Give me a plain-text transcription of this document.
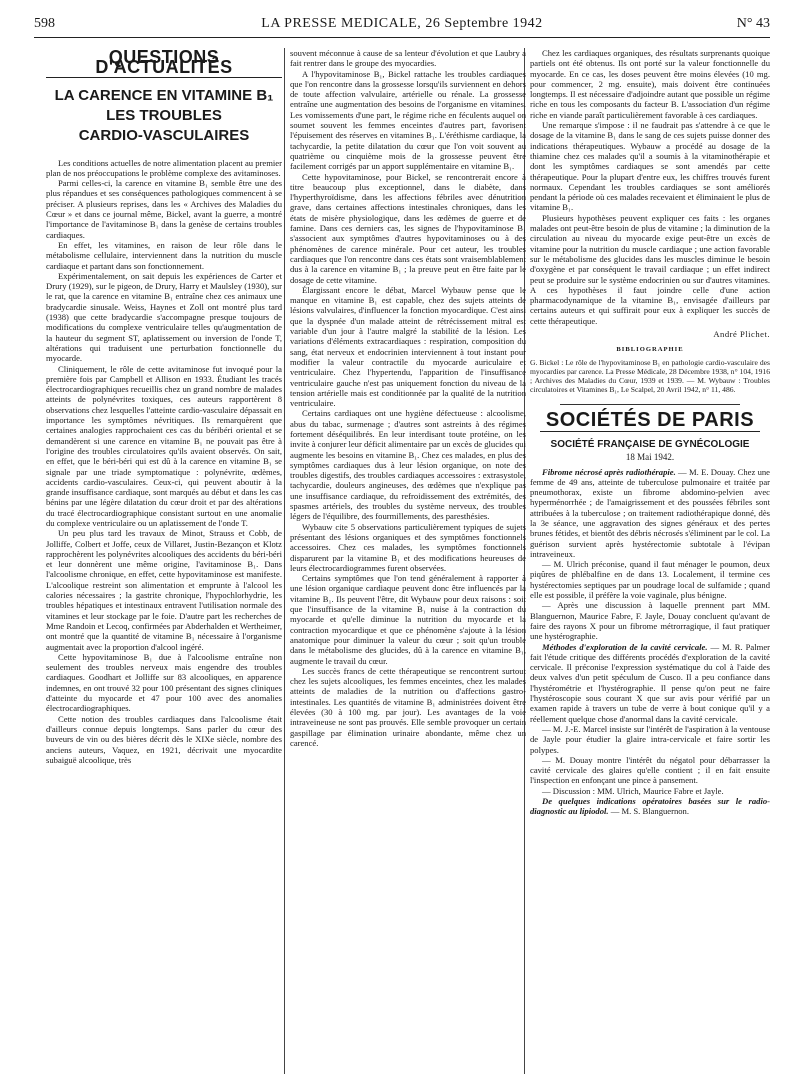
598	LA PRESSE MEDICALE, 26 Septembre 1942	N° 43
QUESTIONS D'ACTUALITÉS
LA CARENCE EN VITAMINE B₁
LES TROUBLES
CARDIO-VASCULAIRES

Les conditions actuelles de notre alimentation placent au premier plan de nos préoccupations le problème complexe des avitaminoses.

Parmi celles-ci, la carence en vitamine B₁ semble être une des plus répandues et ses conséquences pathologiques commencent à se préciser. A plusieurs reprises, dans les « Archives des Maladies du Cœur » et dans ce journal même, Bickel, avant la guerre, a montré l'importance de l'avitaminose B₁ dans la genèse de certains troubles cardiaques.

En effet, les vitamines, en raison de leur rôle dans le métabolisme cellulaire, interviennent dans la nutrition du muscle cardiaque et partant dans son fonctionnement.

Expérimentalement, on sait depuis les expériences de Carter et Drury (1929), sur le pigeon, de Drury, Harry et Maulsley (1930), sur le rat, que la carence en vitamine B₁ entraîne chez ces animaux une bradycardie sinusale. Weiss, Haynes et Zoll ont montré plus tard (1938) que cette bradycardie s'accompagne presque toujours de modifications du complexe ventriculaire telles qu'augmentation de la hauteur du segment ST, aplatissement ou inversion de l'onde T, altérations qui traduisent une perturbation fonctionnelle du myocarde.

Cliniquement, le rôle de cette avitaminose fut invoqué pour la première fois par Campbell et Allison en 1933. Étudiant les tracés électrocardiographiques recueillis chez un grand nombre de malades atteints de polynévrites toxiques, ces auteurs rapportèrent 8 observations chez lesquelles l'atteinte cardio-vasculaire dépassait en importance les symptômes névritiques. Ils remarquèrent que certaines analogies rapprochaient ces cas du béribéri oriental et se demandèrent si une carence en vitamine B₁ ne pouvait pas être à l'origine des troubles circulatoires qu'ils avaient observés. On sait, en effet, que le béri-béri qui est dû à la carence en vitamine B₁ se signale par une triade symptomatique : polynévrite, œdèmes, accidents cardio-vasculaires. Ceux-ci, qui peuvent aboutir à la grande insuffisance cardiaque, sont marqués au début et dans les cas bénins par une légère dilatation du cœur droit et par des altérations du tracé électrocardiographique consistant surtout en une anomalie du complexe ventriculaire ou un aplatissement de l'onde T.

Un peu plus tard les travaux de Minot, Strauss et Cobb, de Jolliffe, Colbert et Joffe, ceux de Villaret, Justin-Bezançon et Klotz rapprochèrent les polynévrites alcooliques des accidents du béri-béri et leur donnèrent une même origine, l'avitaminose B₁. Dans l'alcoolisme chronique, en effet, cette hypovitaminose est manifeste. L'alcoolique restreint son alimentation et emprunte à l'alcool les calories nécessaires ; la gastrite chronique, l'hypochlorhydrie, les troubles hépatiques et intestinaux entravent l'utilisation normale des vitamines et leur stockage par le foie. D'autre part les recherches de Mme Randoin et Lecoq, confirmées par Abderhalden et Wertheimer, ont montré que la quantité de vitamine B₁ nécessaire à l'organisme augmentait avec la proportion d'alcool ingéré.

Cette hypovitaminose B₁ due à l'alcoolisme entraîne non seulement des troubles nerveux mais engendre des troubles cardiaques. Goodhart et Jolliffe sur 83 alcooliques, en apparence indemnes, en ont trouvé 32 pour 100 présentant des signes cliniques d'atteinte du myocarde et 47 pour 100 avec des anomalies électrocardiographiques.

Cette notion des troubles cardiaques dans l'alcoolisme était d'ailleurs connue depuis longtemps. Sans parler du cœur des buveurs de vin ou des bières décrit dès le XIXe siècle, nombre des anciens auteurs, Vaquez, en 1921, décrivait une myocardite subaiguë alcoolique, très

souvent méconnue à cause de sa lenteur d'évolution et que Laubry a fait rentrer dans le groupe des myocardies.

A l'hypovitaminose B₁, Bickel rattache les troubles cardiaques que l'on rencontre dans la grossesse lorsqu'ils surviennent en dehors de toute affection valvulaire, artérielle ou rénale. La grossesse entraîne une augmentation des besoins de l'organisme en vitamines. Les vomissements d'une part, le régime riche en féculents auquel on soumet souvent les femmes enceintes d'autres part, favorisent l'épuisement des réserves en vitamines B₁. L'éréthisme cardiaque, la tachycardie, la petite dilatation du cœur que l'on voit souvent au quatrième ou cinquième mois de la grossesse peuvent être facilement corrigés par un apport supplémentaire en vitamine B₁.

Cette hypovitaminose, pour Bickel, se rencontrerait encore à titre beaucoup plus exceptionnel, dans le diabète, dans l'hyperthyroïdisme, dans les affections fébriles avec dénutrition grave, dans certaines affections intestinales chroniques, dans les états de misère physiologique, dans les œdèmes de guerre et de famine. Dans ces derniers cas, les signes de l'hypovitaminose B₁ s'associent aux symptômes d'autres hypovitaminoses ou à des phénomènes de carence minérale. Pour cet auteur, les troubles cardiaques que l'on rencontre dans ces états sont vraisemblablement dus à la carence en vitamine B₁ ; la preuve peut en être faite par le dosage de cette vitamine.

Élargissant encore le débat, Marcel Wybauw pense que le manque en vitamine B₁ est capable, chez des sujets atteints de lésions valvulaires, d'influencer la fonction myocardique. C'est ainsi que la dyspnée d'un malade atteint de rétrécissement mitral est variable d'un jour à l'autre malgré la stabilité de la lésion. Les variations d'éléments extracardiaques : respiration, composition du sang, état nerveux et endocrinien interviennent à tout instant pour modifier la valeur contractile du myocarde auriculaire et ventriculaire. Chez l'hypertendu, l'apparition de l'insuffisance ventriculaire gauche n'est pas uniquement fonction du niveau de la tension artérielle mais est conditionnée par la qualité de la nutrition ventriculaire.

Certains cardiaques ont une hygiène défectueuse : alcoolisme, abus du tabac, surmenage ; d'autres sont astreints à des régimes fortement déséquilibrés. En leur interdisant toute protéine, on les invite à conjurer leur déficit alimentaire par un excès de glucides qui augmente les besoins en vitamine B₁. Chez ces malades, en plus des symptômes cardiaques dus à leur lésion organique, on note des troubles digestifs, des troubles cardiaques accessoires : extrasystole, tachycardie, douleurs angineuses, des œdèmes que n'explique pas une insuffisance cardiaque, du refroidissement des extrémités, des spasmes artériels, des troubles du système nerveux, des troubles légers de l'équilibre, des fourmillements, des paresthésies.

Wybauw cite 5 observations particulièrement typiques de sujets présentant des lésions organiques et des symptômes fonctionnels accessoires. Chez ces malades, les symptômes fonctionnels disparurent par la vitamine B₁ et des modifications heureuses de leurs électrocardiogrammes furent observées.

Certains symptômes que l'on tend généralement à rapporter à une lésion organique cardiaque peuvent donc être influencés par la vitamine B₁. Ils peuvent l'être, dit Wybauw pour deux raisons : soit que l'insuffisance de la vitamine B₁ nuise à la contraction du myocarde et qu'elle diminue la nutrition du myocarde et la contraction myocardique et que ce phénomène s'ajoute à la lésion anatomique pour diminuer la valeur du cœur ; soit qu'un trouble dans le métabolisme des glucides, dû à la carence en vitamine B₁, augmente le travail du cœur.

Les succès francs de cette thérapeutique se rencontrent surtout chez les sujets alcooliques, les femmes enceintes, chez les malades atteints de maladies de la nutrition ou d'affections gastro-intestinales. Les quantités de vitamine B₁ administrées doivent être élevées (30 à 100 mg. par jour). Les avantages de la voie intraveineuse ne sont pas prouvés. Elle semble provoquer un certain gaspillage par élimination urinaire abondante, même chez un carencé.

Chez les cardiaques organiques, des résultats surprenants quoique partiels ont été obtenus. Ils ont porté sur la valeur fonctionnelle du myocarde. En ce cas, les doses peuvent être moins élevées (10 mg. pour commencer, 2 mg. ensuite), mais doivent être continuées longtemps. Il est nécessaire d'adjoindre autant que possible un régime riche en tous les composants du facteur B. L'association d'un régime riche en viande paraît particulièrement favorable à ces cardiaques.

Une remarque s'impose : il ne faudrait pas s'attendre à ce que le dosage de la vitamine B₁ dans le sang de ces sujets puisse donner des indications thérapeutiques. Wybauw a procédé au dosage de la thiamine chez ces malades qu'il a soumis à la vitaminothérapie et dont les symptômes cardiaques se sont amendés par cette thérapeutique. Pour la plupart d'entre eux, les chiffres trouvés furent normaux. Cependant les troubles cardiaques se sont améliorés pendant la période où ces malades recevaient et éliminaient le plus de vitamine B₁.

Plusieurs hypothèses peuvent expliquer ces faits : les organes malades ont peut-être besoin de plus de vitamine ; la diminution de la circulation au niveau du myocarde exige peut-être un excès de vitamine pour la nutrition du muscle cardiaque ; une action favorable sur le métabolisme des glucides dans les muscles diminue le besoin d'oxygène et par conséquent le travail cardiaque ; un effet indirect peut se produire sur le système endocrinien ou sur d'autres vitamines. A ces hypothèses il faut joindre celle d'une action pharmacodynamique de la vitamine B₁, envisagée d'ailleurs par certains auteurs et qui suffirait pour eux à expliquer les succès de cette thérapeutique.

André Plichet.
BIBLIOGRAPHIE

G. Bickel : Le rôle de l'hypovitaminose B₁ en pathologie cardio-vasculaire des myocardies par carence. La Presse Médicale, 28 Décembre 1938, n° 104, 1916 ; Archives des Maladies du Cœur, 1939 et 1939. — M. Wybauw : Troubles circulatoires et Vitamines B₁, Le Scalpel, 20 Avril 1942, n° 11, 486.

SOCIÉTÉS DE PARIS
SOCIÉTÉ FRANÇAISE DE GYNÉCOLOGIE
18 Mai 1942.

Fibrome nécrosé après radiothérapie. — M. E. Douay. Chez une femme de 49 ans, atteinte de tuberculose pulmonaire et traitée par pneumothorax, existe un fibrome abdomino-pelvien avec hyperménorrhée ; de l'amaigrissement et des poussées fébriles sont attribuées à la tuberculose ; on traitement radiothérapique donné, dès la 3e séance, une aggravation des signes généraux et des pertes brunes fétides, et bientôt des débris nécrosés s'éliminent par le col. La guérison survient après hystérectomie subtotale à l'évipan intraveineux.

— M. Ulrich préconise, quand il faut ménager le poumon, deux piqûres de phlébalfine en de dans 13. Localement, il termine ces hystérectomies septiques par un poudrage local de sulfamide ; quand elle est possible, il préfère la voie vaginale, plus bénigne.

— Après une discussion à laquelle prennent part MM. Blanguernon, Maurice Fabre, F. Jayle, Douay concluent qu'avant de faire des rayons X pour un fibrome métrorragique, il faut pratiquer une hystérographie.

Méthodes d'exploration de la cavité cervicale. — M. R. Palmer fait l'étude critique des différents procédés d'exploration de la cavité cervicale. Il préconise l'expression systématique du col à l'aide des deux valves d'un petit spéculum de Cusco. Il a peu confiance dans l'hystérométrie et l'hystérographie. Il pense qu'on peut ne faire l'hystéroscopie sous courant X que sur avis pour vérifié par un examen rapide à travers un tube de verre à bout conique qu'il y a réellement quelque chose d'anormal dans la cavité cervicale.

— M. J.-E. Marcel insiste sur l'intérêt de l'aspiration à la ventouse de Jayle pour étudier la glaire intra-cervicale et faire sortir les polypes.

— M. Douay montre l'intérêt du négatol pour débarrasser la cavité cervicale des glaires qu'elle contient ; il en fait ensuite l'inspection en enfonçant une pince à pansement.

— Discussion : MM. Ulrich, Maurice Fabre et Jayle.

De quelques indications opératoires basées sur le radio-diagnostic au lipiodol. — M. S. Blanguernon.
